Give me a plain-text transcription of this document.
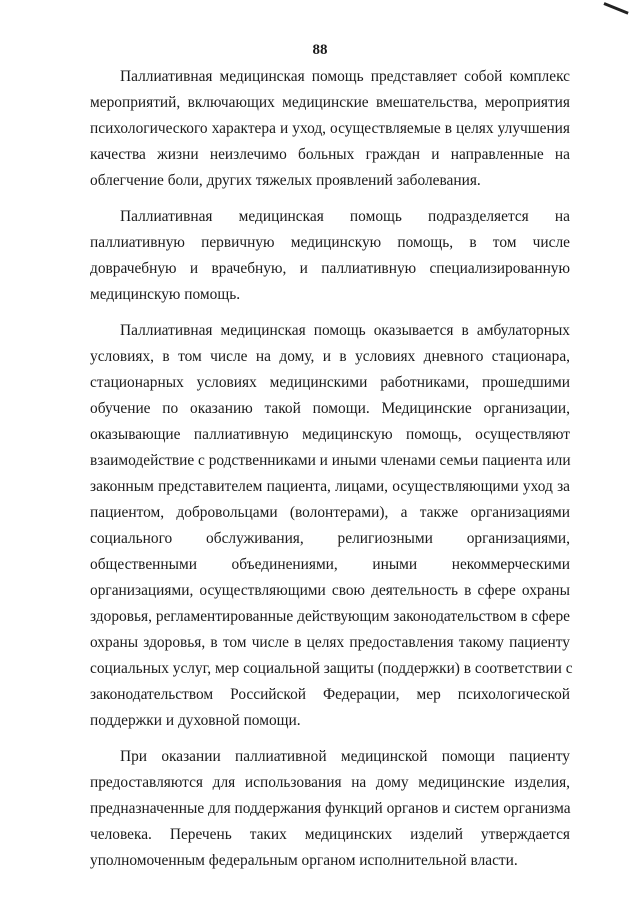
88
Паллиативная медицинская помощь представляет собой комплекс
мероприятий, включающих медицинские вмешательства, мероприятия
психологического характера и уход, осуществляемые в целях улучшения
качества жизни неизлечимо больных граждан и направленные на
облегчение боли, других тяжелых проявлений заболевания.
Паллиативная медицинская помощь подразделяется на
паллиативную первичную медицинскую помощь, в том числе
доврачебную и врачебную, и паллиативную специализированную
медицинскую помощь.
Паллиативная медицинская помощь оказывается в амбулаторных
условиях, в том числе на дому, и в условиях дневного стационара,
стационарных условиях медицинскими работниками, прошедшими
обучение по оказанию такой помощи. Медицинские организации,
оказывающие паллиативную медицинскую помощь, осуществляют
взаимодействие с родственниками и иными членами семьи пациента или
законным представителем пациента, лицами, осуществляющими уход за
пациентом, добровольцами (волонтерами), а также организациями
социального обслуживания, религиозными организациями,
общественными объединениями, иными некоммерческими
организациями, осуществляющими свою деятельность в сфере охраны
здоровья, регламентированные действующим законодательством в сфере
охраны здоровья, в том числе в целях предоставления такому пациенту
социальных услуг, мер социальной защиты (поддержки) в соответствии с
законодательством Российской Федерации, мер психологической
поддержки и духовной помощи.
При оказании паллиативной медицинской помощи пациенту
предоставляются для использования на дому медицинские изделия,
предназначенные для поддержания функций органов и систем организма
человека. Перечень таких медицинских изделий утверждается
уполномоченным федеральным органом исполнительной власти.
